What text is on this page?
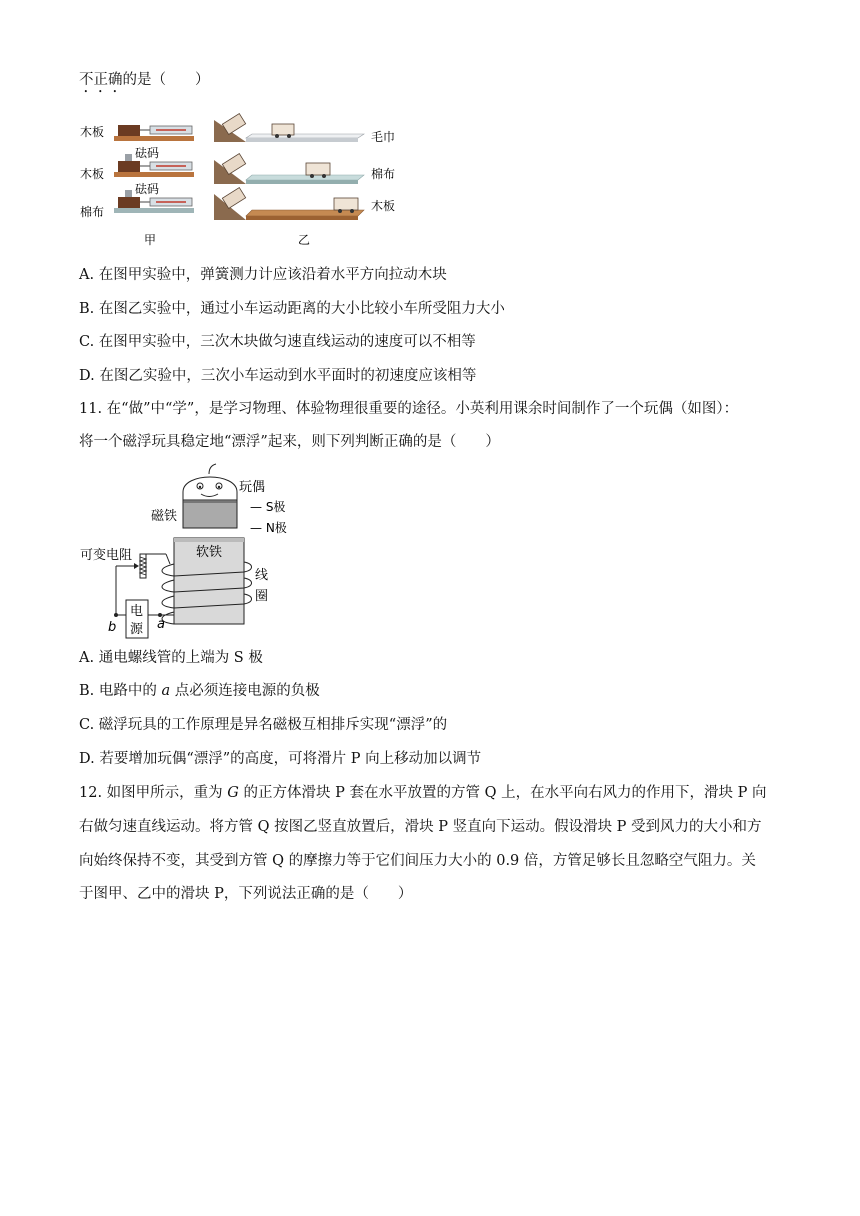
不正确的是（　　）
木板
木板
砝码
棉布
砝码
甲
毛巾
棉布
木板
乙
A. 在图甲实验中，弹簧测力计应该沿着水平方向拉动木块
B. 在图乙实验中，通过小车运动距离的大小比较小车所受阻力大小
C. 在图甲实验中，三次木块做匀速直线运动的速度可以不相等
D. 在图乙实验中，三次小车运动到水平面时的初速度应该相等
11. 在“做”中“学”，是学习物理、体验物理很重要的途径。小英利用课余时间制作了一个玩偶（如图）：
将一个磁浮玩具稳定地“漂浮”起来，则下列判断正确的是（　　）
玩偶
磁铁
— S极
— N极
软铁
线
圈
可变电阻
电
源
b	a
A. 通电螺线管的上端为 S 极
B. 电路中的 a 点必须连接电源的负极
C. 磁浮玩具的工作原理是异名磁极互相排斥实现“漂浮”的
D. 若要增加玩偶“漂浮”的高度，可将滑片 P 向上移动加以调节
12. 如图甲所示，重为 G 的正方体滑块 P 套在水平放置的方管 Q 上，在水平向右风力的作用下，滑块 P 向
右做匀速直线运动。将方管 Q 按图乙竖直放置后，滑块 P 竖直向下运动。假设滑块 P 受到风力的大小和方
向始终保持不变，其受到方管 Q 的摩擦力等于它们间压力大小的 0.9 倍，方管足够长且忽略空气阻力。关
于图甲、乙中的滑块 P，下列说法正确的是（　　）
